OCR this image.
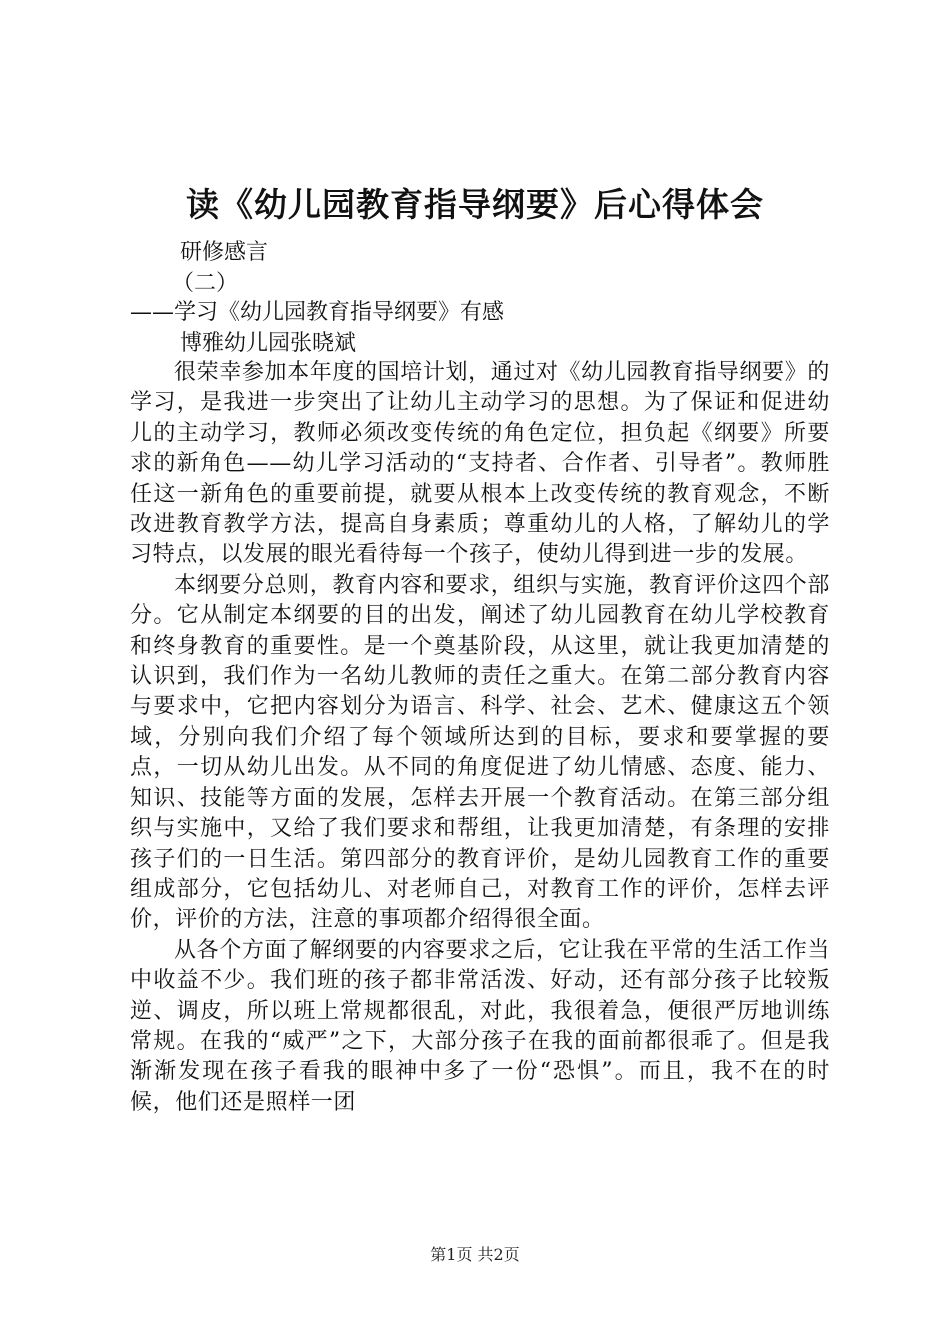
读《幼儿园教育指导纲要》后心得体会

研修感言

（二）

——学习《幼儿园教育指导纲要》有感

博雅幼儿园张晓斌

很荣幸参加本年度的国培计划，通过对《幼儿园教育指导纲要》的学习，是我进一步突出了让幼儿主动学习的思想。为了保证和促进幼儿的主动学习，教师必须改变传统的角色定位，担负起《纲要》所要求的新角色——幼儿学习活动的“支持者、合作者、引导者”。教师胜任这一新角色的重要前提，就要从根本上改变传统的教育观念，不断改进教育教学方法，提高自身素质；尊重幼儿的人格，了解幼儿的学习特点，以发展的眼光看待每一个孩子，使幼儿得到进一步的发展。

本纲要分总则，教育内容和要求，组织与实施，教育评价这四个部分。它从制定本纲要的目的出发，阐述了幼儿园教育在幼儿学校教育和终身教育的重要性。是一个奠基阶段，从这里，就让我更加清楚的认识到，我们作为一名幼儿教师的责任之重大。在第二部分教育内容与要求中，它把内容划分为语言、科学、社会、艺术、健康这五个领域，分别向我们介绍了每个领域所达到的目标，要求和要掌握的要点，一切从幼儿出发。从不同的角度促进了幼儿情感、态度、能力、知识、技能等方面的发展，怎样去开展一个教育活动。在第三部分组织与实施中，又给了我们要求和帮组，让我更加清楚，有条理的安排孩子们的一日生活。第四部分的教育评价，是幼儿园教育工作的重要组成部分，它包括幼儿、对老师自己，对教育工作的评价，怎样去评价，评价的方法，注意的事项都介绍得很全面。

从各个方面了解纲要的内容要求之后，它让我在平常的生活工作当中收益不少。我们班的孩子都非常活泼、好动，还有部分孩子比较叛逆、调皮，所以班上常规都很乱，对此，我很着急，便很严厉地训练常规。在我的“威严”之下，大部分孩子在我的面前都很乖了。但是我渐渐发现在孩子看我的眼神中多了一份“恐惧”。而且，我不在的时候，他们还是照样一团

第1页 共2页
